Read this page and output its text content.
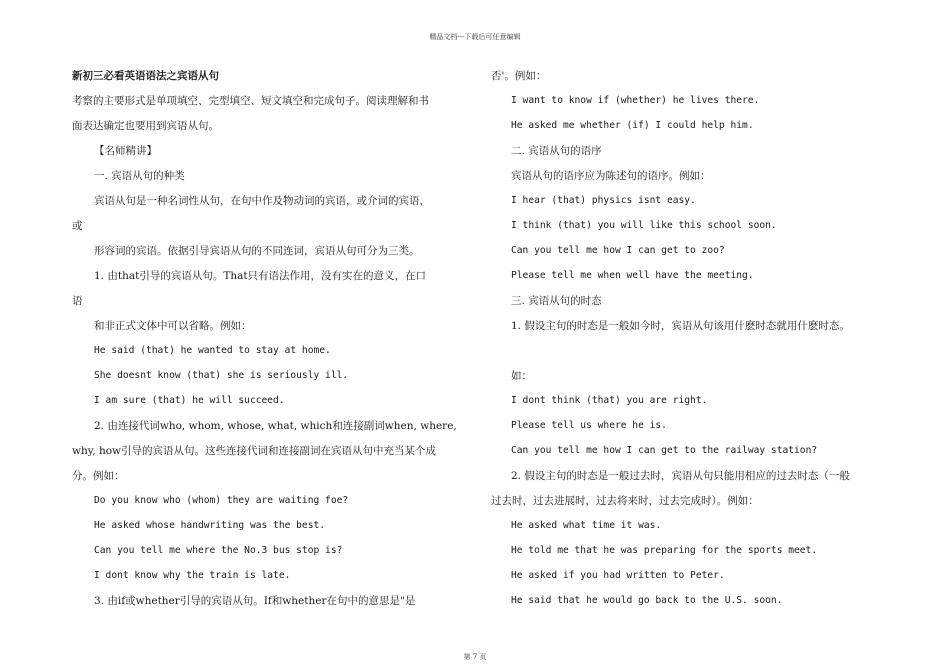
精品文档---下载后可任意编辑
新初三必看英语语法之宾语从句
考察的主要形式是单项填空、完型填空、短文填空和完成句子。阅读理解和书
面表达确定也要用到宾语从句。
【名师精讲】
一. 宾语从句的种类
宾语从句是一种名词性从句，在句中作及物动词的宾语，或介词的宾语，
或
形容词的宾语。依据引导宾语从句的不同连词，宾语从句可分为三类。
1. 由that引导的宾语从句。That只有语法作用，没有实在的意义，在口
语
和非正式文体中可以省略。例如：
He said (that) he wanted to stay at home.
She doesnt know (that) she is seriously ill.
I am sure (that) he will succeed.
2. 由连接代词who, whom, whose, what, which和连接副词when, where,
why, how引导的宾语从句。这些连接代词和连接副词在宾语从句中充当某个成
分。例如：
Do you know who (whom) they are waiting foe?
He asked whose handwriting was the best.
Can you tell me where the No.3 bus stop is?
I dont know why the train is late.
3. 由if或whether引导的宾语从句。If和whether在句中的意思是"是
否'。例如：
I want to know if (whether) he lives there.
He asked me whether (if) I could help him.
二. 宾语从句的语序
宾语从句的语序应为陈述句的语序。例如：
I hear (that) physics isnt easy.
I think (that) you will like this school soon.
Can you tell me how I can get to zoo?
Please tell me when well have the meeting.
三. 宾语从句的时态
1. 假设主句的时态是一般如今时，宾语从句该用什麽时态就用什麽时态。
如：
I dont think (that) you are right.
Please tell us where he is.
Can you tell me how I can get to the railway station?
2. 假设主句的时态是一般过去时，宾语从句只能用相应的过去时态（一般
过去时，过去进展时，过去将来时，过去完成时）。例如：
He asked what time it was.
He told me that he was preparing for the sports meet.
He asked if you had written to Peter.
He said that he would go back to the U.S. soon.
第 7 页
